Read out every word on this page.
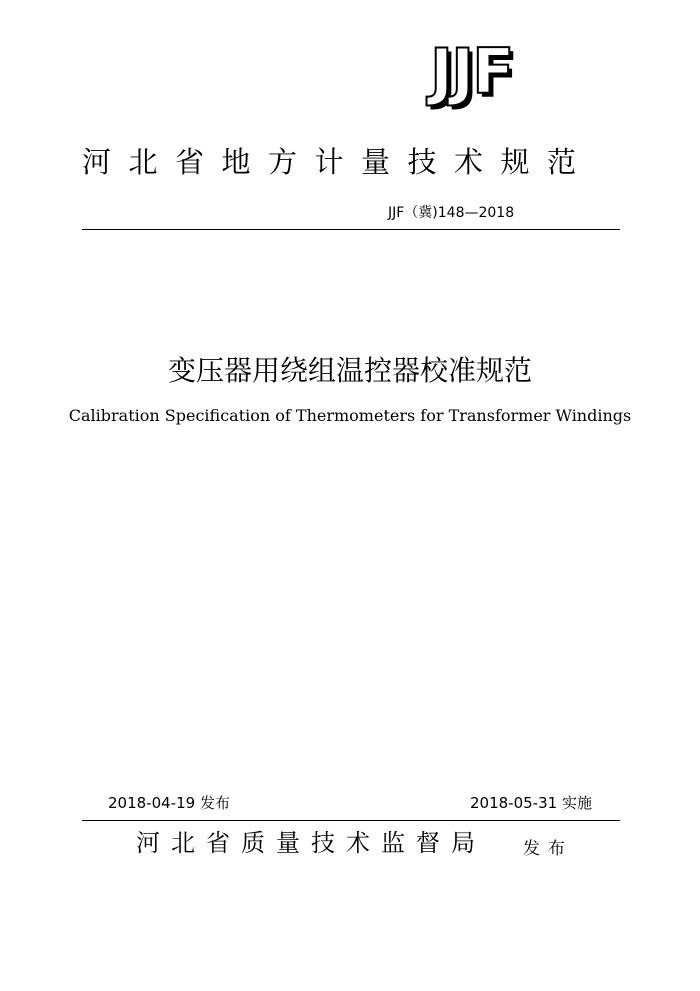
JJF
河北省地方计量技术规范
JJF（冀)148—2018
变压器用绕组温控器校准规范
Calibration Specification of Thermometers for Transformer Windings
2018-04-19 发布	2018-05-31 实施
河北省质量技术监督局 发布
